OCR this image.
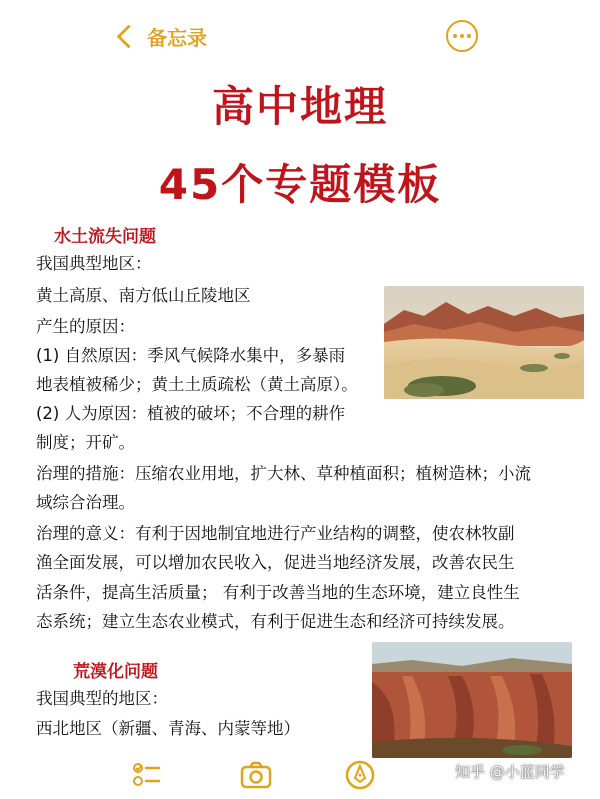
备忘录
高中地理
45个专题模板
水土流失问题
我国典型地区：
黄土高原、南方低山丘陵地区
产生的原因：
(1) 自然原因：季风气候降水集中，多暴雨
地表植被稀少；黄土土质疏松（黄土高原）。
(2) 人为原因：植被的破坏；不合理的耕作
制度；开矿。
治理的措施：压缩农业用地，扩大林、草种植面积；植树造林；小流
域综合治理。
治理的意义：有利于因地制宜地进行产业结构的调整，使农林牧副
渔全面发展，可以增加农民收入，促进当地经济发展，改善农民生
活条件，提高生活质量； 有利于改善当地的生态环境，建立良性生
态系统；建立生态农业模式，有利于促进生态和经济可持续发展。
荒漠化问题
我国典型的地区：
西北地区（新疆、青海、内蒙等地）
知乎 @小蓝同学
